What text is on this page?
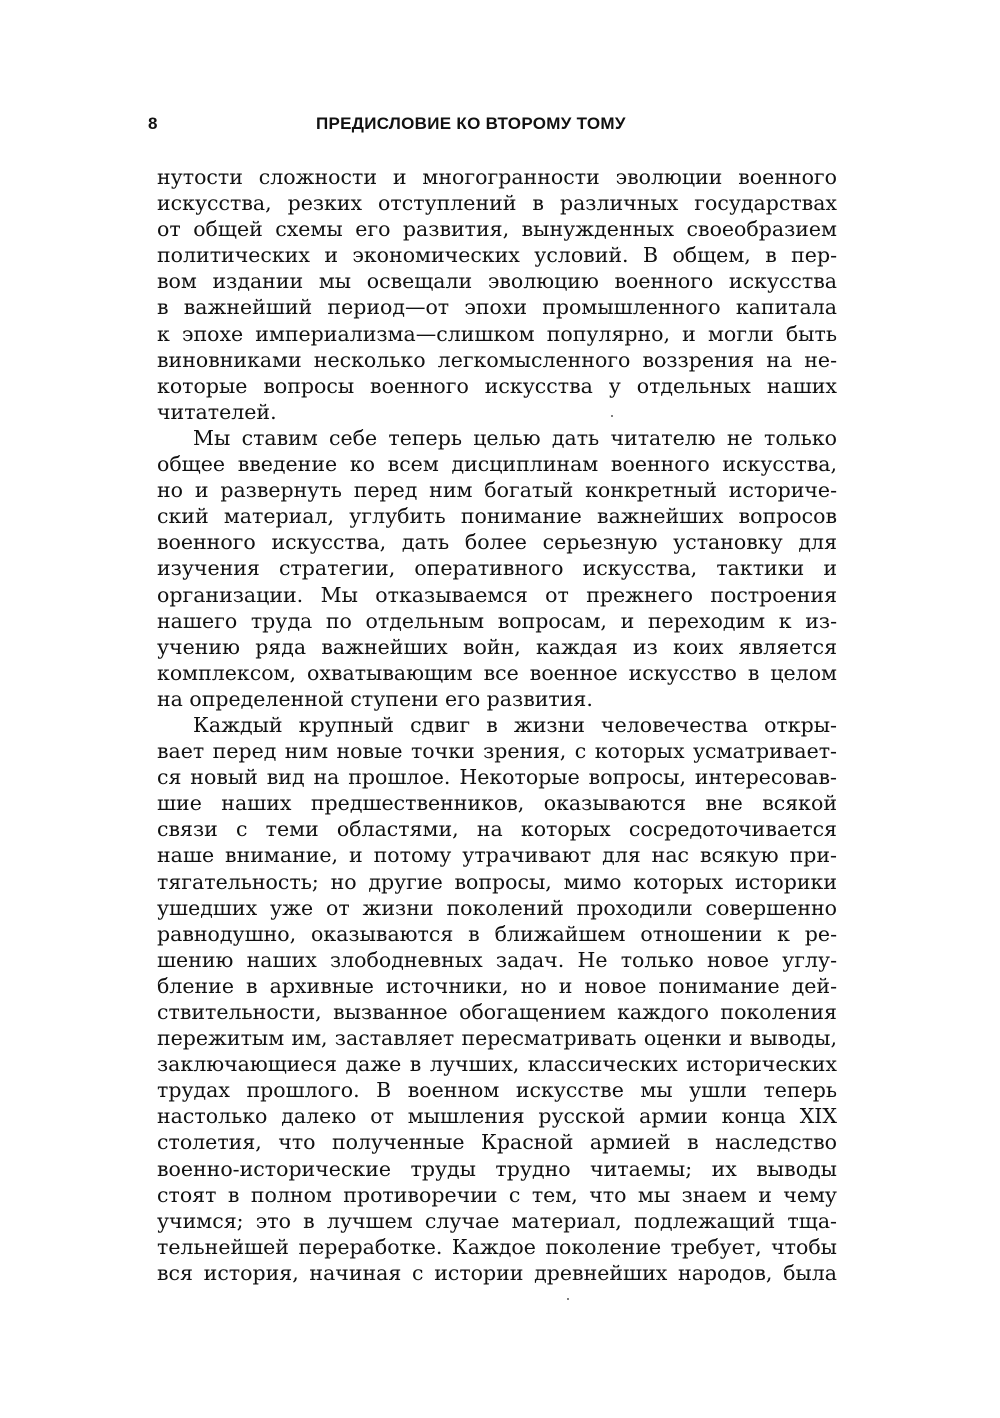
8	ПРЕДИСЛОВИЕ КО ВТОРОМУ ТОМУ
нутости сложности и многогранности эволюции военного
искусства, резких отступлений в различных государствах
от общей схемы его развития, вынужденных своеобразием
политических и экономических условий. В общем, в пер-
вом издании мы освещали эволюцию военного искусства
в важнейший период—от эпохи промышленного капитала
к эпохе империализма—слишком популярно, и могли быть
виновниками несколько легкомысленного воззрения на не-
которые вопросы военного искусства у отдельных наших
читателей.
Мы ставим себе теперь целью дать читателю не только
общее введение ко всем дисциплинам военного искусства,
но и развернуть перед ним богатый конкретный историче-
ский материал, углубить понимание важнейших вопросов
военного искусства, дать более серьезную установку для
изучения стратегии, оперативного искусства, тактики и
организации. Мы отказываемся от прежнего построения
нашего труда по отдельным вопросам, и переходим к из-
учению ряда важнейших войн, каждая из коих является
комплексом, охватывающим все военное искусство в целом
на определенной ступени его развития.
Каждый крупный сдвиг в жизни человечества откры-
вает перед ним новые точки зрения, с которых усматривает-
ся новый вид на прошлое. Некоторые вопросы, интересовав-
шие наших предшественников, оказываются вне всякой
связи с теми областями, на которых сосредоточивается
наше внимание, и потому утрачивают для нас всякую при-
тягательность; но другие вопросы, мимо которых историки
ушедших уже от жизни поколений проходили совершенно
равнодушно, оказываются в ближайшем отношении к ре-
шению наших злободневных задач. Не только новое углу-
бление в архивные источники, но и новое понимание дей-
ствительности, вызванное обогащением каждого поколения
пережитым им, заставляет пересматривать оценки и выводы,
заключающиеся даже в лучших, классических исторических
трудах прошлого. В военном искусстве мы ушли теперь
настолько далеко от мышления русской армии конца XIX
столетия, что полученные Красной армией в наследство
военно-исторические труды трудно читаемы; их выводы
стоят в полном противоречии с тем, что мы знаем и чему
учимся; это в лучшем случае материал, подлежащий тща-
тельнейшей переработке. Каждое поколение требует, чтобы
вся история, начиная с истории древнейших народов, была
